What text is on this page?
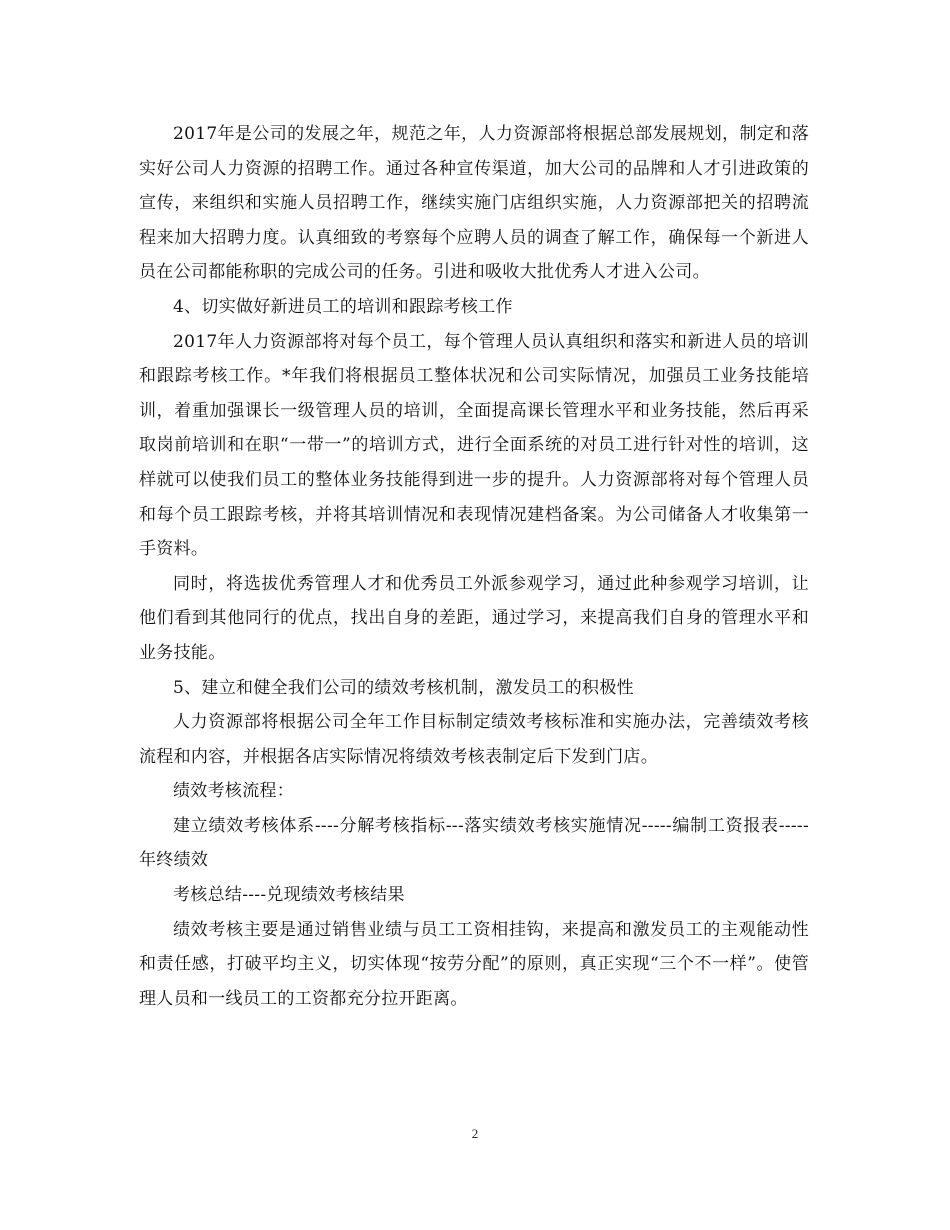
2017年是公司的发展之年，规范之年，人力资源部将根据总部发展规划，制定和落实好公司人力资源的招聘工作。通过各种宣传渠道，加大公司的品牌和人才引进政策的宣传，来组织和实施人员招聘工作，继续实施门店组织实施，人力资源部把关的招聘流程来加大招聘力度。认真细致的考察每个应聘人员的调查了解工作，确保每一个新进人员在公司都能称职的完成公司的任务。引进和吸收大批优秀人才进入公司。

4、切实做好新进员工的培训和跟踪考核工作

2017年人力资源部将对每个员工，每个管理人员认真组织和落实和新进人员的培训和跟踪考核工作。*年我们将根据员工整体状况和公司实际情况，加强员工业务技能培训，着重加强课长一级管理人员的培训，全面提高课长管理水平和业务技能，然后再采取岗前培训和在职“一带一”的培训方式，进行全面系统的对员工进行针对性的培训，这样就可以使我们员工的整体业务技能得到进一步的提升。人力资源部将对每个管理人员和每个员工跟踪考核，并将其培训情况和表现情况建档备案。为公司储备人才收集第一手资料。

同时，将选拔优秀管理人才和优秀员工外派参观学习，通过此种参观学习培训，让他们看到其他同行的优点，找出自身的差距，通过学习，来提高我们自身的管理水平和业务技能。

5、建立和健全我们公司的绩效考核机制，激发员工的积极性

人力资源部将根据公司全年工作目标制定绩效考核标准和实施办法，完善绩效考核流程和内容，并根据各店实际情况将绩效考核表制定后下发到门店。

绩效考核流程：

建立绩效考核体系----分解考核指标---落实绩效考核实施情况-----编制工资报表-----年终绩效

考核总结----兑现绩效考核结果

绩效考核主要是通过销售业绩与员工工资相挂钩，来提高和激发员工的主观能动性和责任感，打破平均主义，切实体现“按劳分配”的原则，真正实现“三个不一样”。使管理人员和一线员工的工资都充分拉开距离。

2
